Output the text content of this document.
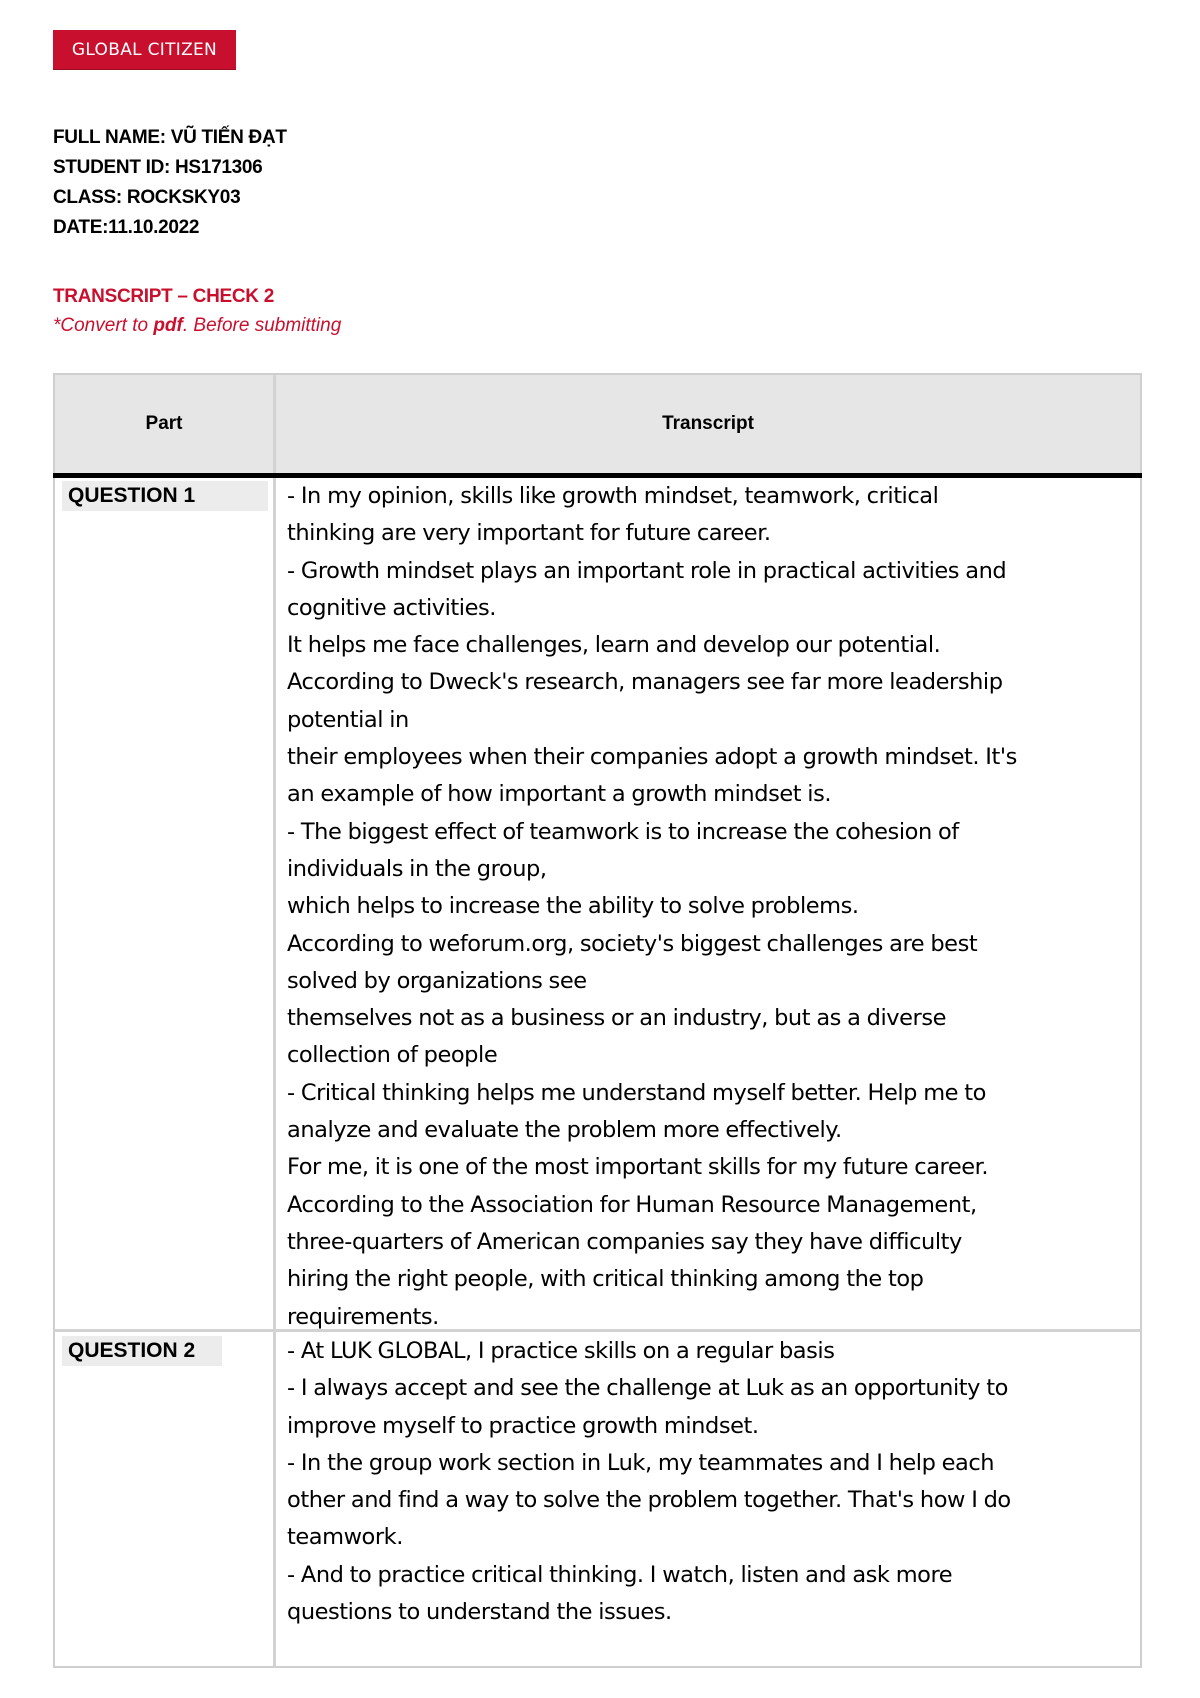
GLOBAL CITIZEN
FULL NAME: VŨ TIẾN ĐẠT
STUDENT ID: HS171306
CLASS: ROCKSKY03
DATE:11.10.2022
TRANSCRIPT – CHECK 2
*Convert to pdf. Before submitting
Part	Transcript
QUESTION 1	- In my opinion, skills like growth mindset, teamwork, critical
thinking are very important for future career.
- Growth mindset plays an important role in practical activities and
cognitive activities.
It helps me face challenges, learn and develop our potential.
According to Dweck's research, managers see far more leadership
potential in
their employees when their companies adopt a growth mindset. It's
an example of how important a growth mindset is.
- The biggest effect of teamwork is to increase the cohesion of
individuals in the group,
which helps to increase the ability to solve problems.
According to weforum.org, society's biggest challenges are best
solved by organizations see
themselves not as a business or an industry, but as a diverse
collection of people
- Critical thinking helps me understand myself better. Help me to
analyze and evaluate the problem more effectively.
For me, it is one of the most important skills for my future career.
According to the Association for Human Resource Management,
three-quarters of American companies say they have difficulty
hiring the right people, with critical thinking among the top
requirements.
QUESTION 2	- At LUK GLOBAL, I practice skills on a regular basis
- I always accept and see the challenge at Luk as an opportunity to
improve myself to practice growth mindset.
- In the group work section in Luk, my teammates and I help each
other and find a way to solve the problem together. That's how I do
teamwork.
- And to practice critical thinking. I watch, listen and ask more
questions to understand the issues.
